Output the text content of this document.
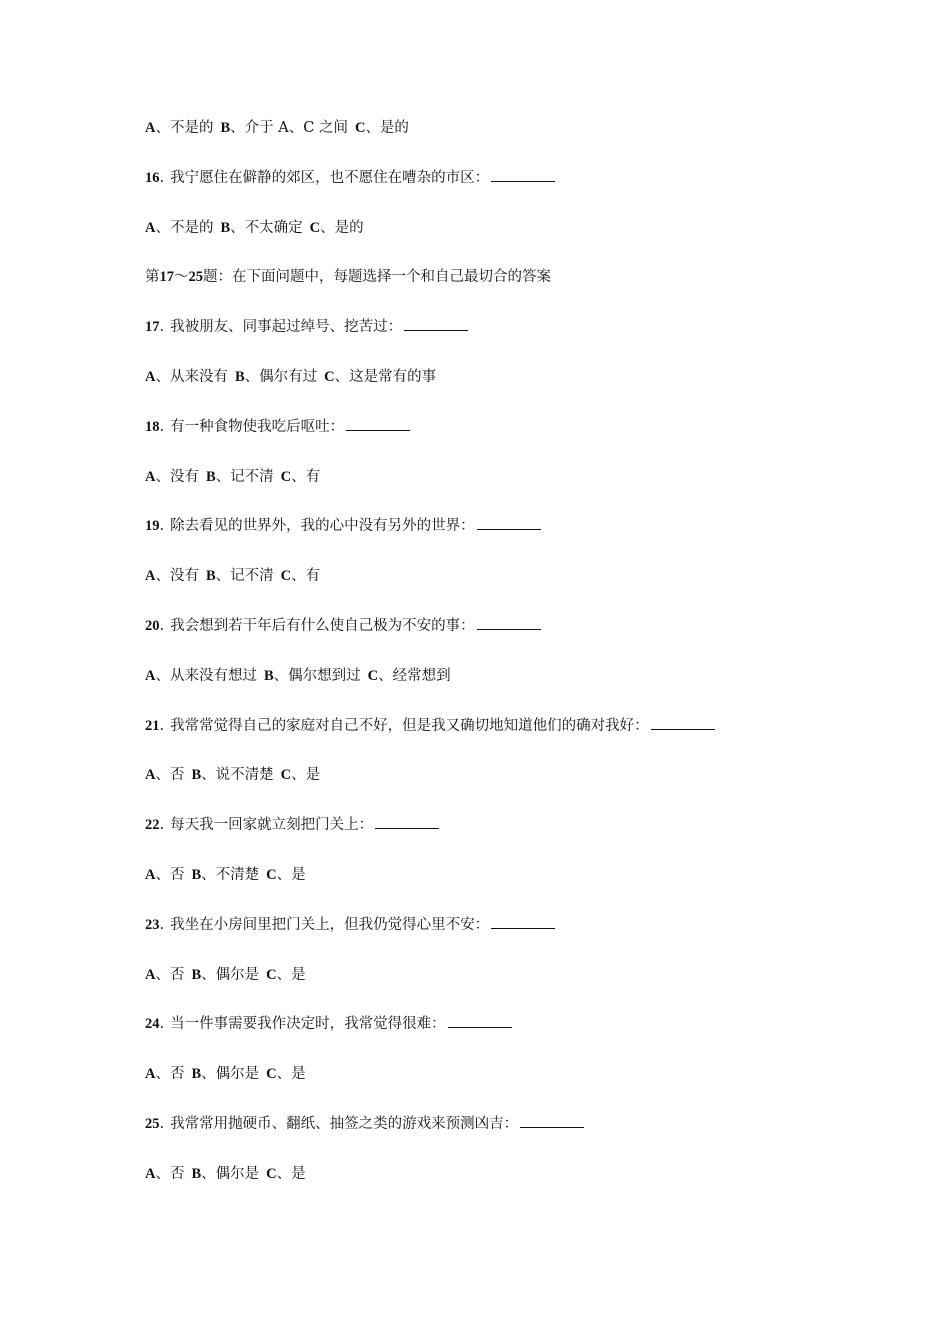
A、不是的 B、介于 A、C 之间 C、是的
16. 我宁愿住在僻静的郊区，也不愿住在嘈杂的市区：
A、不是的 B、不太确定 C、是的
第17～25题：在下面问题中，每题选择一个和自己最切合的答案
17. 我被朋友、同事起过绰号、挖苦过：
A、从来没有 B、偶尔有过 C、这是常有的事
18. 有一种食物使我吃后呕吐：
A、没有 B、记不清 C、有
19. 除去看见的世界外，我的心中没有另外的世界：
A、没有 B、记不清 C、有
20. 我会想到若干年后有什么使自己极为不安的事：
A、从来没有想过 B、偶尔想到过 C、经常想到
21. 我常常觉得自己的家庭对自己不好，但是我又确切地知道他们的确对我好：
A、否 B、说不清楚 C、是
22. 每天我一回家就立刻把门关上：
A、否 B、不清楚 C、是
23. 我坐在小房间里把门关上，但我仍觉得心里不安：
A、否 B、偶尔是 C、是
24. 当一件事需要我作决定时，我常觉得很难：
A、否 B、偶尔是 C、是
25. 我常常用抛硬币、翻纸、抽签之类的游戏来预测凶吉：
A、否 B、偶尔是 C、是
